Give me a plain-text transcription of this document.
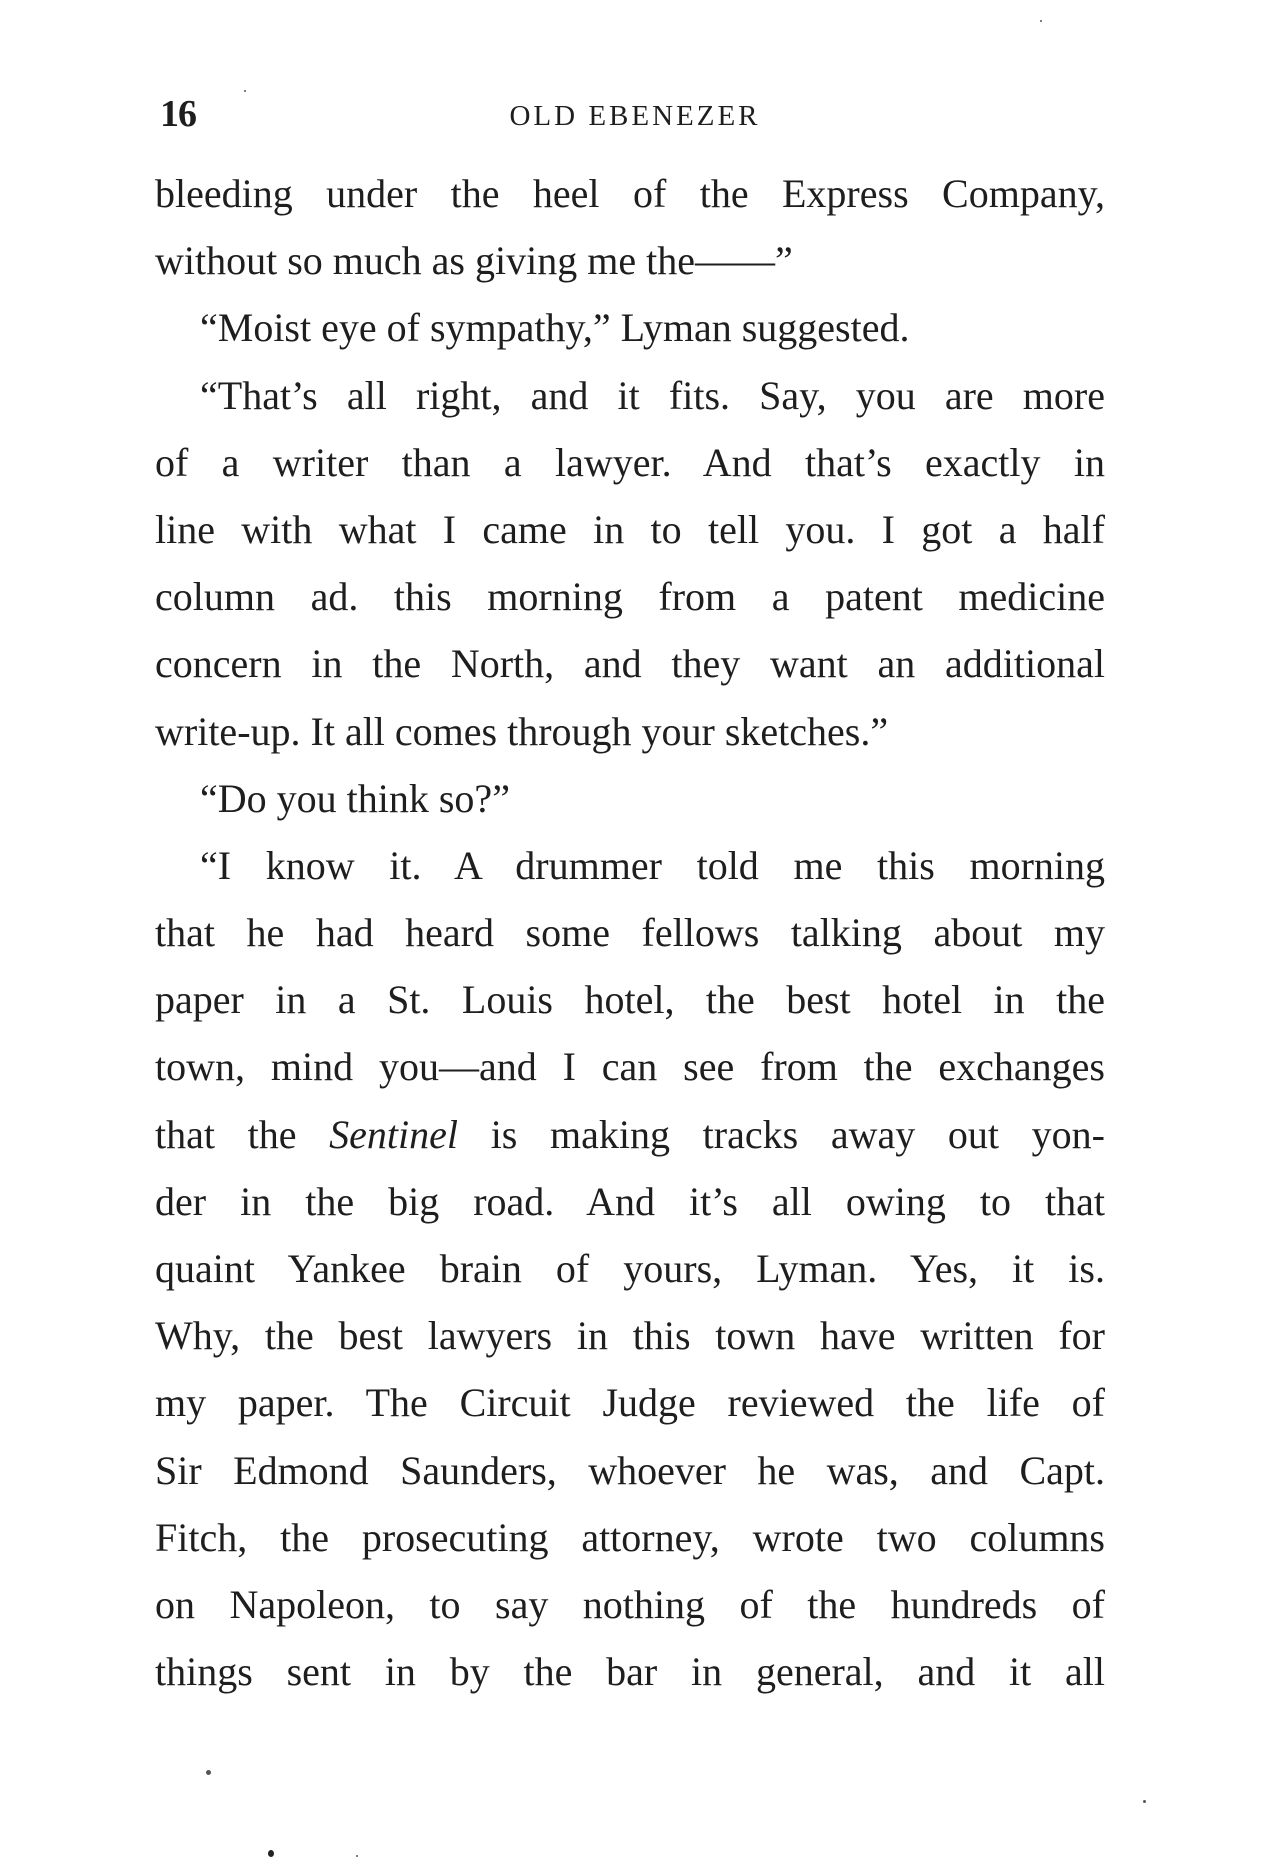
16	OLD EBENEZER
bleeding under the heel of the Express Company,
without so much as giving me the——”
“Moist eye of sympathy,” Lyman suggested.
“That’s all right, and it fits. Say, you are more
of a writer than a lawyer. And that’s exactly in
line with what I came in to tell you. I got a half
column ad. this morning from a patent medicine
concern in the North, and they want an additional
write-up. It all comes through your sketches.”
“Do you think so?”
“I know it. A drummer told me this morning
that he had heard some fellows talking about my
paper in a St. Louis hotel, the best hotel in the
town, mind you—and I can see from the exchanges
that the Sentinel is making tracks away out yon-
der in the big road. And it’s all owing to that
quaint Yankee brain of yours, Lyman. Yes, it is.
Why, the best lawyers in this town have written for
my paper. The Circuit Judge reviewed the life of
Sir Edmond Saunders, whoever he was, and Capt.
Fitch, the prosecuting attorney, wrote two columns
on Napoleon, to say nothing of the hundreds of
things sent in by the bar in general, and it all
